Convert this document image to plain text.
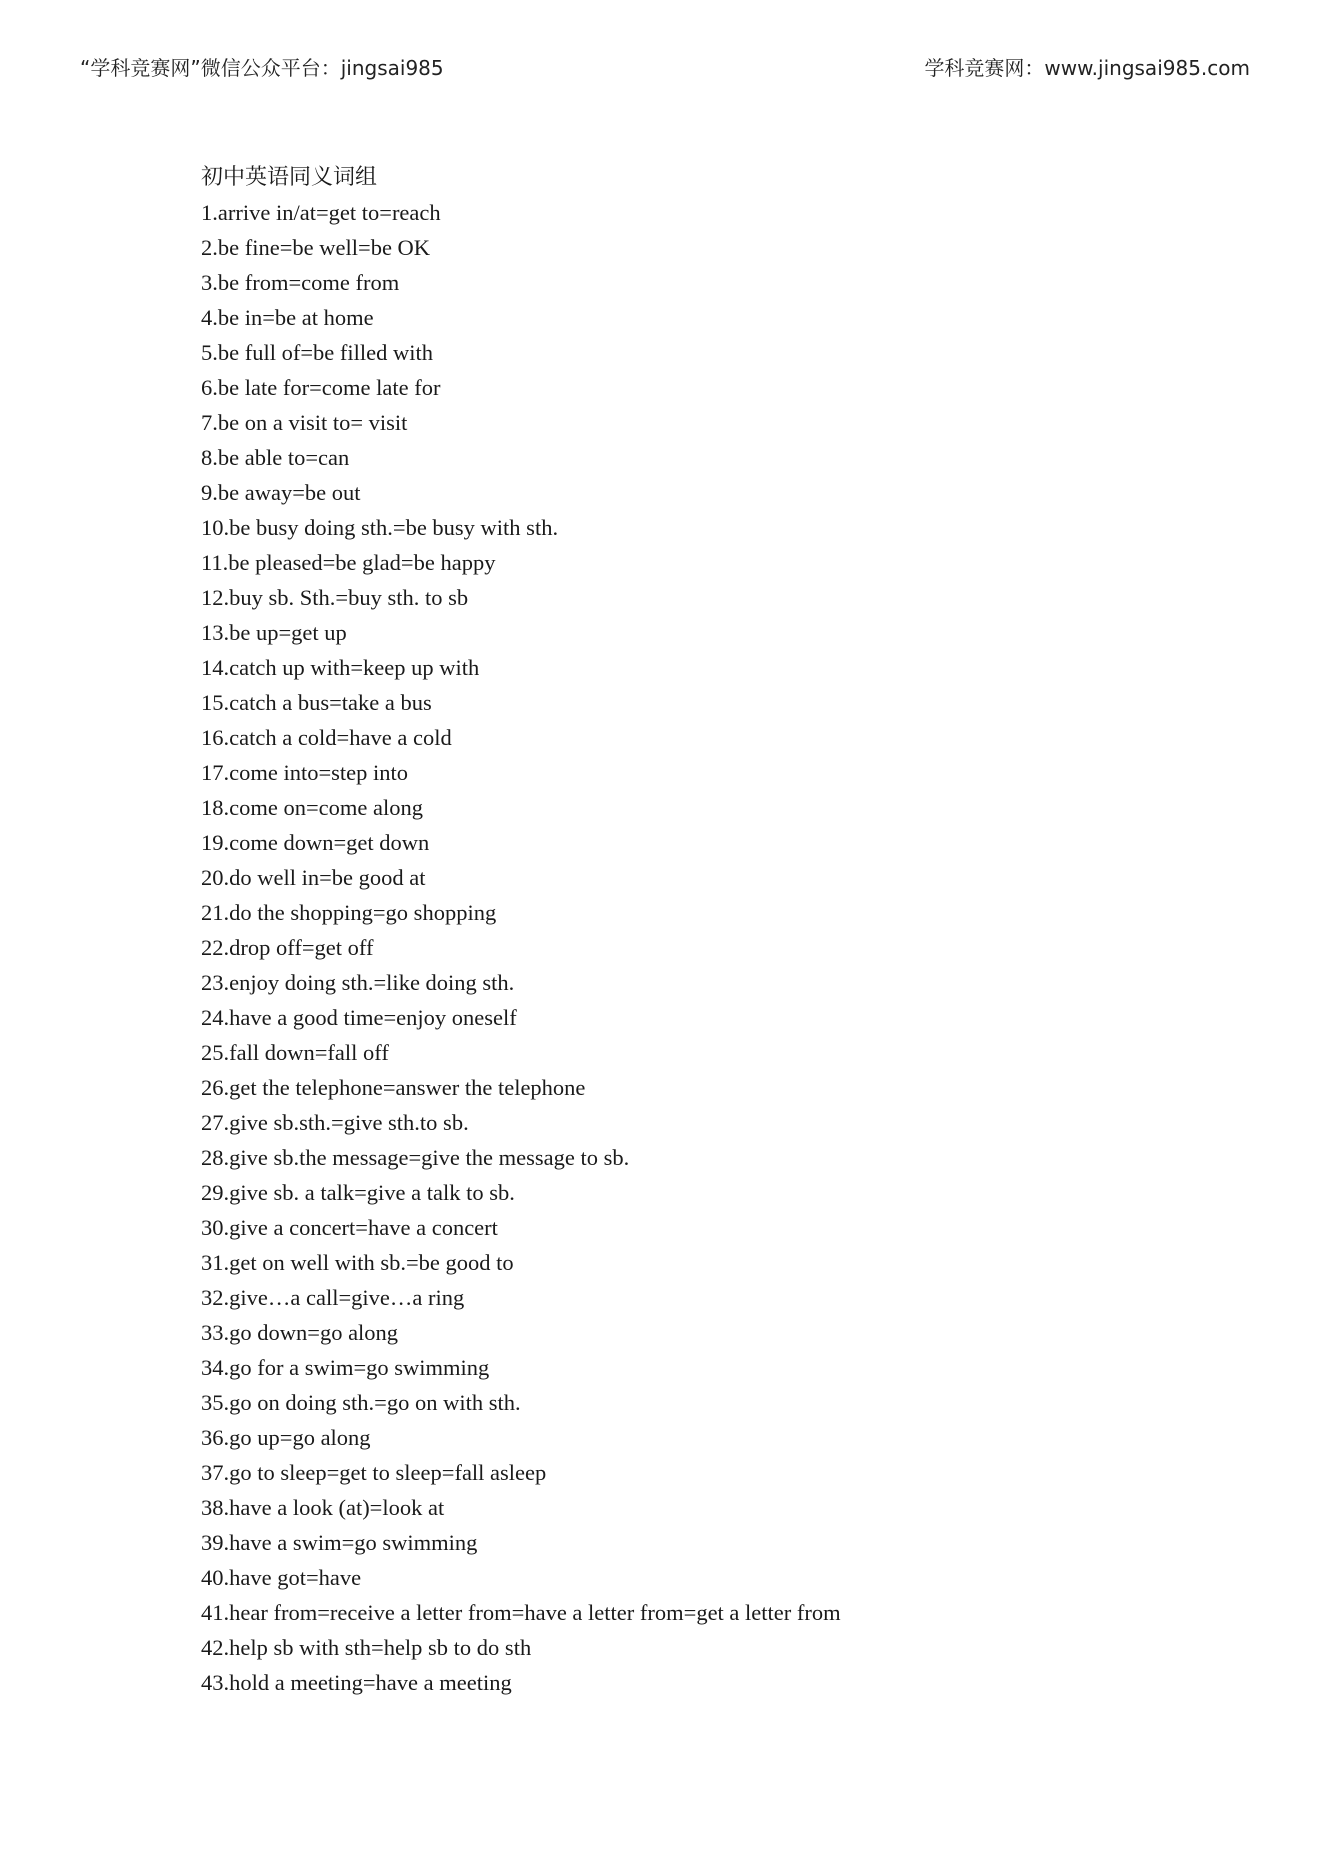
“学科竞赛网”微信公众平台：jingsai985	学科竞赛网：www.jingsai985.com
初中英语同义词组
1.arrive in/at=get to=reach
2.be fine=be well=be OK
3.be from=come from
4.be in=be at home
5.be full of=be filled with
6.be late for=come late for
7.be on a visit to= visit
8.be able to=can
9.be away=be out
10.be busy doing sth.=be busy with sth.
11.be pleased=be glad=be happy
12.buy sb. Sth.=buy sth. to sb
13.be up=get up
14.catch up with=keep up with
15.catch a bus=take a bus
16.catch a cold=have a cold
17.come into=step into
18.come on=come along
19.come down=get down
20.do well in=be good at
21.do the shopping=go shopping
22.drop off=get off
23.enjoy doing sth.=like doing sth.
24.have a good time=enjoy oneself
25.fall down=fall off
26.get the telephone=answer the telephone
27.give sb.sth.=give sth.to sb.
28.give sb.the message=give the message to sb.
29.give sb. a talk=give a talk to sb.
30.give a concert=have a concert
31.get on well with sb.=be good to
32.give…a call=give…a ring
33.go down=go along
34.go for a swim=go swimming
35.go on doing sth.=go on with sth.
36.go up=go along
37.go to sleep=get to sleep=fall asleep
38.have a look (at)=look at
39.have a swim=go swimming
40.have got=have
41.hear from=receive a letter from=have a letter from=get a letter from
42.help sb with sth=help sb to do sth
43.hold a meeting=have a meeting
